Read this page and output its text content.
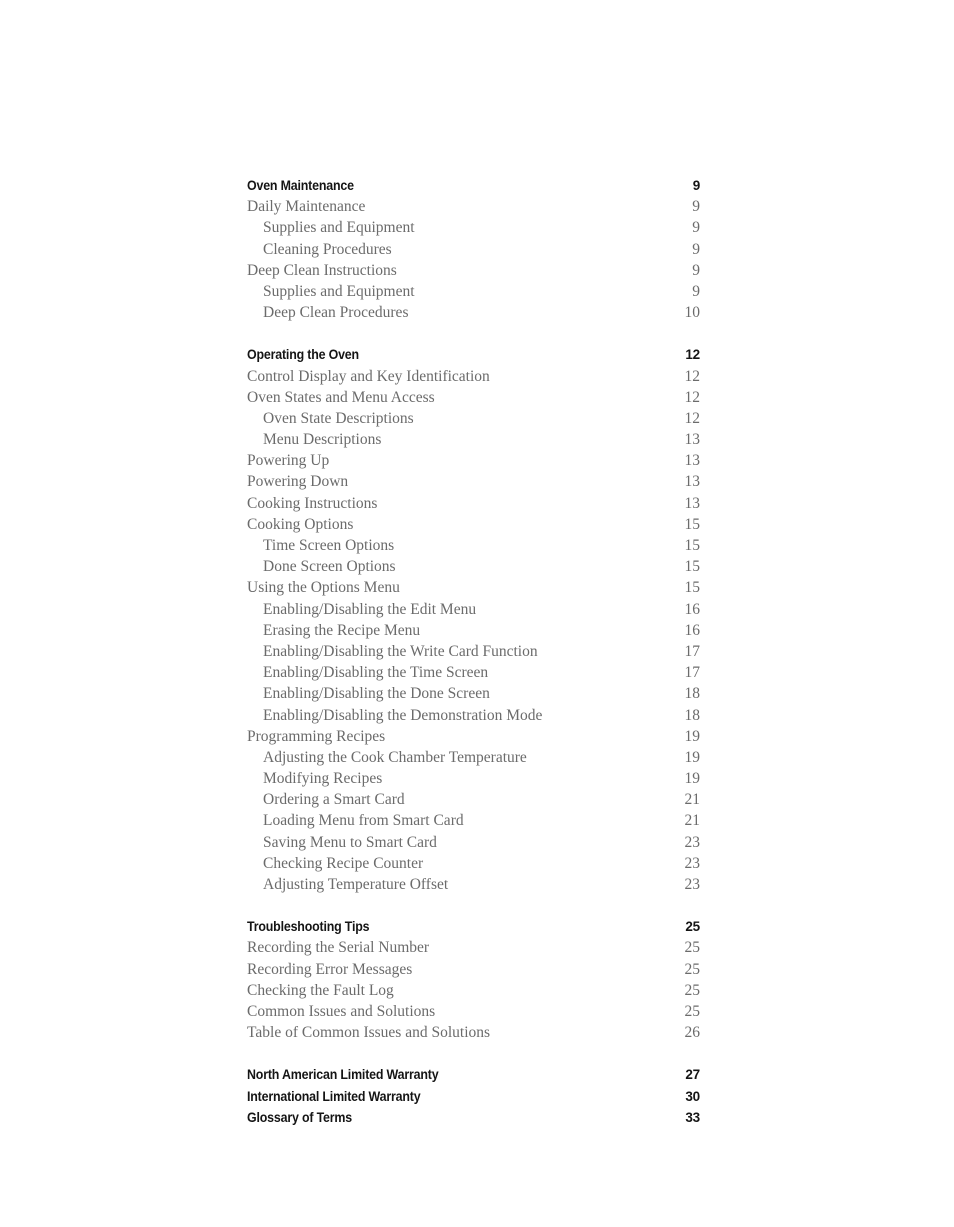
Oven Maintenance	9
Daily Maintenance	9
Supplies and Equipment	9
Cleaning Procedures	9
Deep Clean Instructions	9
Supplies and Equipment	9
Deep Clean Procedures	10
Operating the Oven	12
Control Display and Key Identification	12
Oven States and Menu Access	12
Oven State Descriptions	12
Menu Descriptions	13
Powering Up	13
Powering Down	13
Cooking Instructions	13
Cooking Options	15
Time Screen Options	15
Done Screen Options	15
Using the Options Menu	15
Enabling/Disabling the Edit Menu	16
Erasing the Recipe Menu	16
Enabling/Disabling the Write Card Function	17
Enabling/Disabling the Time Screen	17
Enabling/Disabling the Done Screen	18
Enabling/Disabling the Demonstration Mode	18
Programming Recipes	19
Adjusting the Cook Chamber Temperature	19
Modifying Recipes	19
Ordering a Smart Card	21
Loading Menu from Smart Card	21
Saving Menu to Smart Card	23
Checking Recipe Counter	23
Adjusting Temperature Offset	23
Troubleshooting Tips	25
Recording the Serial Number	25
Recording Error Messages	25
Checking the Fault Log	25
Common Issues and Solutions	25
Table of Common Issues and Solutions	26
North American Limited Warranty	27
International Limited Warranty	30
Glossary of Terms	33
